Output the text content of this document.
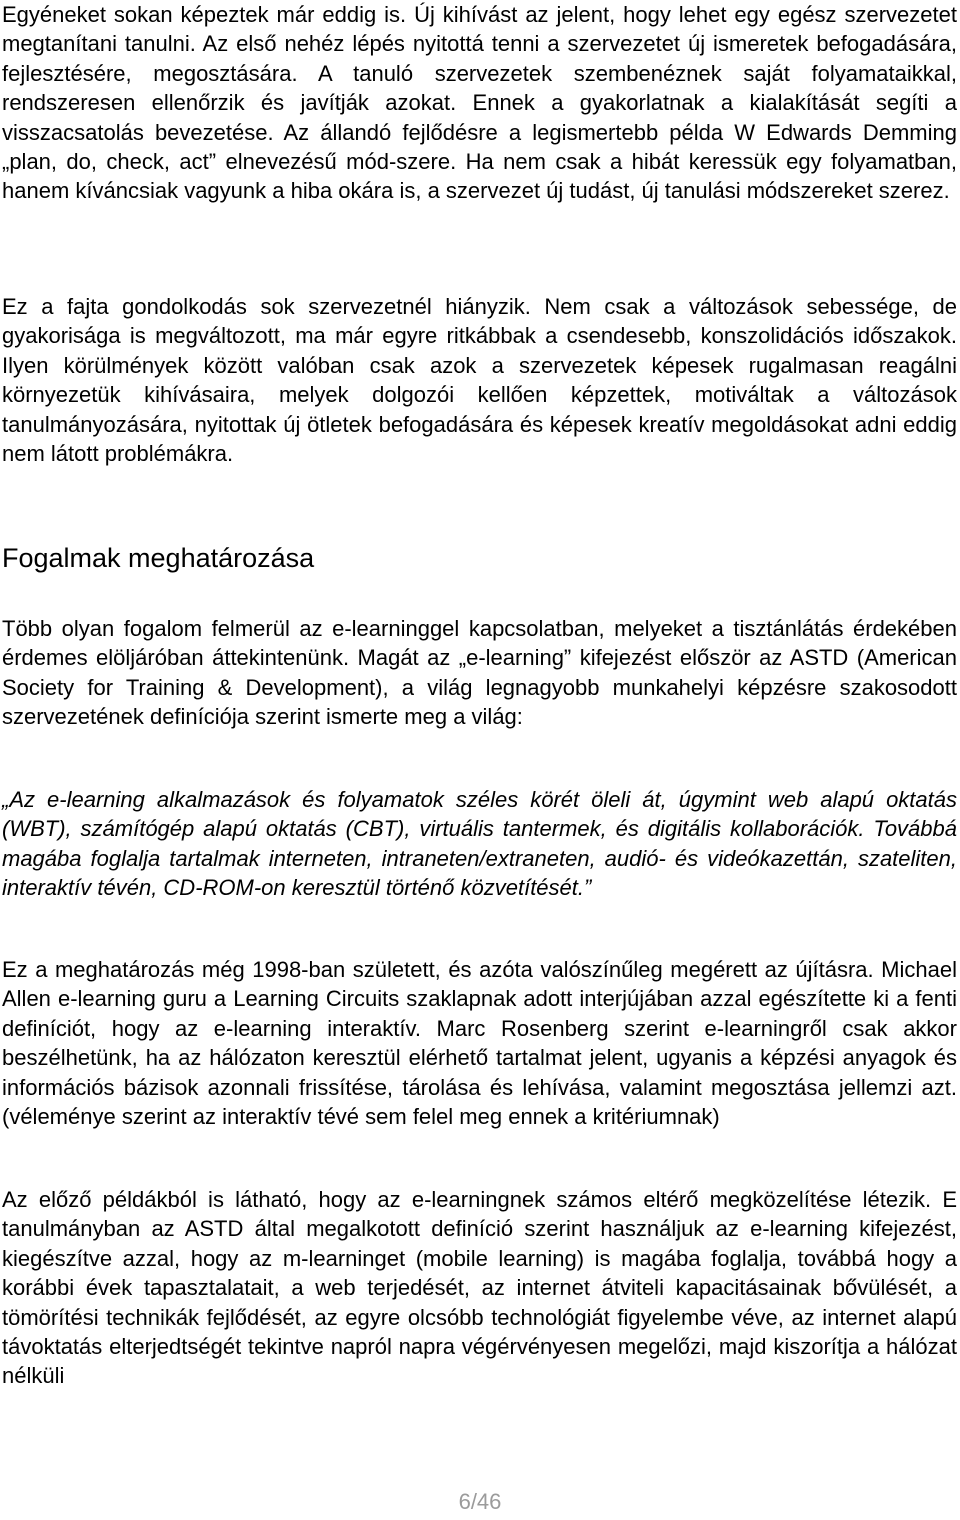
Egyéneket sokan képeztek már eddig is. Új kihívást az jelent, hogy lehet egy egész szervezetet megtanítani tanulni. Az első nehéz lépés nyitottá tenni a szervezetet új ismeretek befogadására, fejlesztésére, megosztására. A tanuló szervezetek szembenéznek saját folyamataikkal, rendszeresen ellenőrzik és javítják azokat. Ennek a gyakorlatnak a kialakítását segíti a visszacsatolás bevezetése. Az állandó fejlődésre a legismertebb példa W Edwards Demming „plan, do, check, act” elnevezésű mód-szere. Ha nem csak a hibát keressük egy folyamatban, hanem kíváncsiak vagyunk a hiba okára is, a szervezet új tudást, új tanulási módszereket szerez.

Ez a fajta gondolkodás sok szervezetnél hiányzik. Nem csak a változások sebessége, de gyakorisága is megváltozott, ma már egyre ritkábbak a csendesebb, konszolidációs időszakok. Ilyen körülmények között valóban csak azok a szervezetek képesek rugalmasan reagálni környezetük kihívásaira, melyek dolgozói kellően képzettek, motiváltak a változások tanulmányozására, nyitottak új ötletek befogadására és képesek kreatív megoldásokat adni eddig nem látott problémákra.

Fogalmak meghatározása

Több olyan fogalom felmerül az e-learninggel kapcsolatban, melyeket a tisztánlátás érdekében érdemes elöljáróban áttekintenünk. Magát az „e-learning” kifejezést először az ASTD (American Society for Training & Development), a világ legnagyobb munkahelyi képzésre szakosodott szervezetének definíciója szerint ismerte meg a világ:

„Az e-learning alkalmazások és folyamatok széles körét öleli át, úgymint web alapú oktatás (WBT), számítógép alapú oktatás (CBT), virtuális tantermek, és digitális kollaborációk. Továbbá magába foglalja tartalmak interneten, intraneten/extraneten, audió- és videókazettán, szateliten, interaktív tévén, CD-ROM-on keresztül történő közvetítését.”

Ez a meghatározás még 1998-ban született, és azóta valószínűleg megérett az újításra. Michael Allen e-learning guru a Learning Circuits szaklapnak adott interjújában azzal egészítette ki a fenti definíciót, hogy az e-learning interaktív. Marc Rosenberg szerint e-learningről csak akkor beszélhetünk, ha az hálózaton keresztül elérhető tartalmat jelent, ugyanis a képzési anyagok és információs bázisok azonnali frissítése, tárolása és lehívása, valamint megosztása jellemzi azt. (véleménye szerint az interaktív tévé sem felel meg ennek a kritériumnak)

Az előző példákból is látható, hogy az e-learningnek számos eltérő megközelítése létezik. E tanulmányban az ASTD által megalkotott definíció szerint használjuk az e-learning kifejezést, kiegészítve azzal, hogy az m-learninget (mobile learning) is magába foglalja, továbbá hogy a korábbi évek tapasztalatait, a web terjedését, az internet átviteli kapacitásainak bővülését, a tömörítési technikák fejlődését, az egyre olcsóbb technológiát figyelembe véve, az internet alapú távoktatás elterjedtségét tekintve napról napra végérvényesen megelőzi, majd kiszorítja a hálózat nélküli

6/46
